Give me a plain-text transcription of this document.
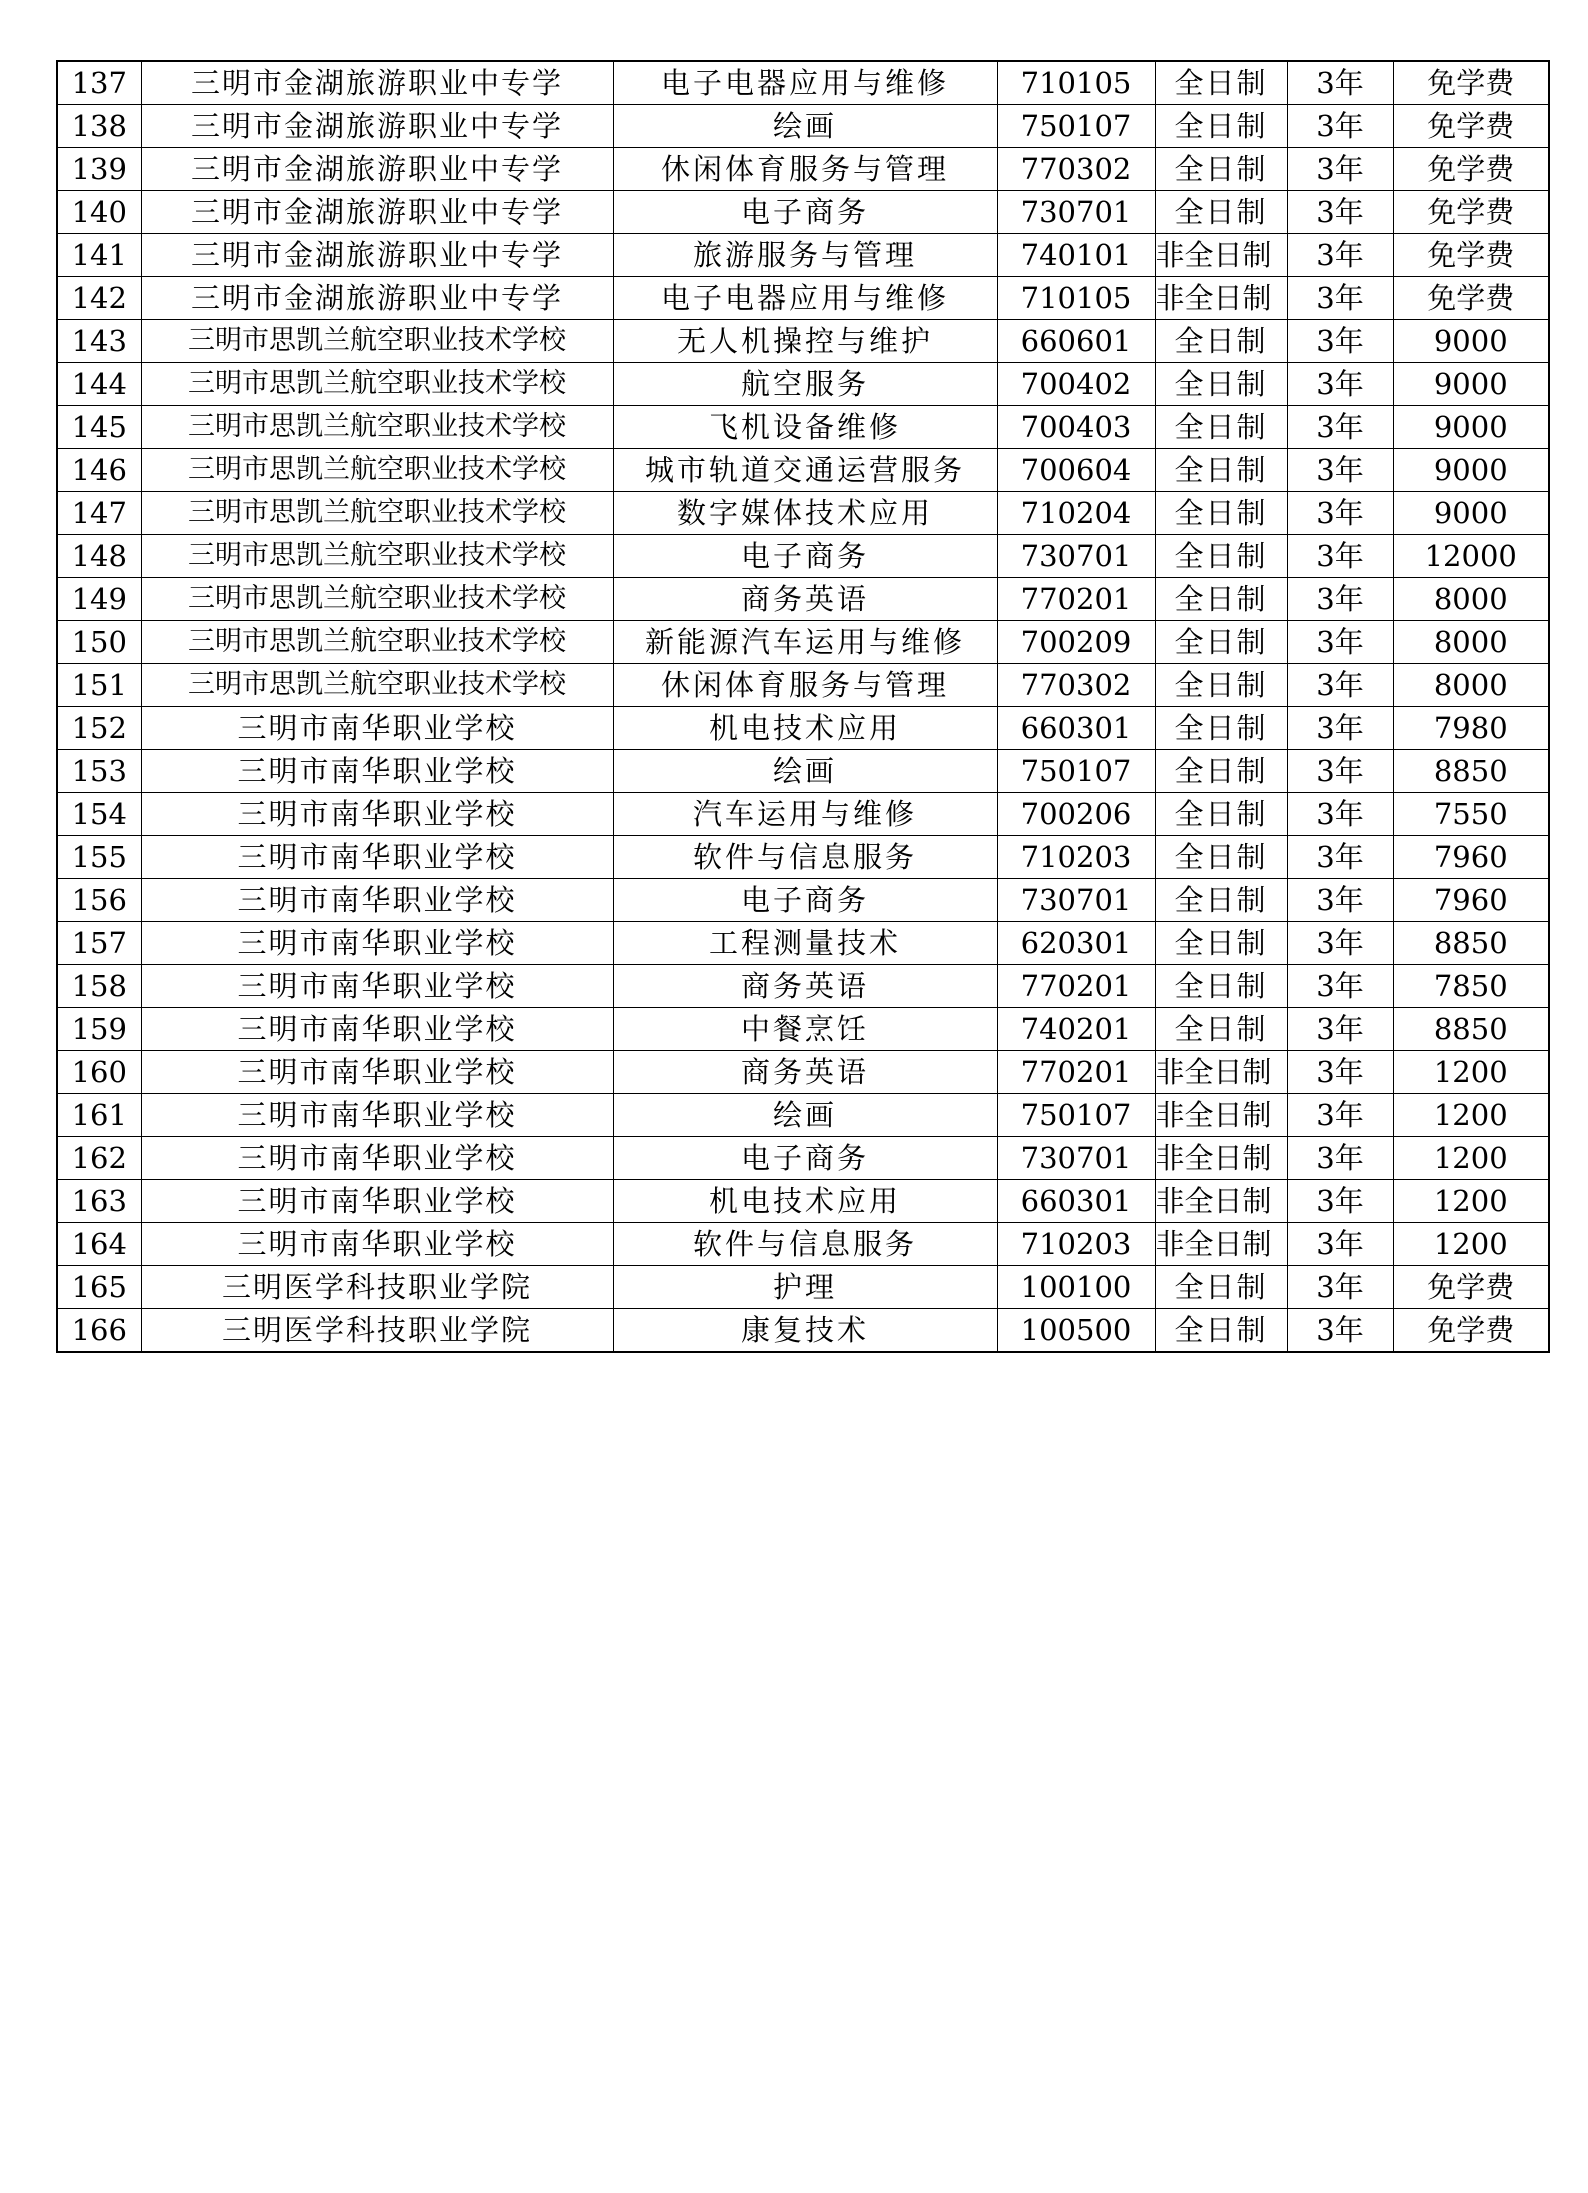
137	三明市金湖旅游职业中专学	电子电器应用与维修	710105	全日制	3年	免学费
138	三明市金湖旅游职业中专学	绘画	750107	全日制	3年	免学费
139	三明市金湖旅游职业中专学	休闲体育服务与管理	770302	全日制	3年	免学费
140	三明市金湖旅游职业中专学	电子商务	730701	全日制	3年	免学费
141	三明市金湖旅游职业中专学	旅游服务与管理	740101	非全日制	3年	免学费
142	三明市金湖旅游职业中专学	电子电器应用与维修	710105	非全日制	3年	免学费
143	三明市思凯兰航空职业技术学校	无人机操控与维护	660601	全日制	3年	9000
144	三明市思凯兰航空职业技术学校	航空服务	700402	全日制	3年	9000
145	三明市思凯兰航空职业技术学校	飞机设备维修	700403	全日制	3年	9000
146	三明市思凯兰航空职业技术学校	城市轨道交通运营服务	700604	全日制	3年	9000
147	三明市思凯兰航空职业技术学校	数字媒体技术应用	710204	全日制	3年	9000
148	三明市思凯兰航空职业技术学校	电子商务	730701	全日制	3年	12000
149	三明市思凯兰航空职业技术学校	商务英语	770201	全日制	3年	8000
150	三明市思凯兰航空职业技术学校	新能源汽车运用与维修	700209	全日制	3年	8000
151	三明市思凯兰航空职业技术学校	休闲体育服务与管理	770302	全日制	3年	8000
152	三明市南华职业学校	机电技术应用	660301	全日制	3年	7980
153	三明市南华职业学校	绘画	750107	全日制	3年	8850
154	三明市南华职业学校	汽车运用与维修	700206	全日制	3年	7550
155	三明市南华职业学校	软件与信息服务	710203	全日制	3年	7960
156	三明市南华职业学校	电子商务	730701	全日制	3年	7960
157	三明市南华职业学校	工程测量技术	620301	全日制	3年	8850
158	三明市南华职业学校	商务英语	770201	全日制	3年	7850
159	三明市南华职业学校	中餐烹饪	740201	全日制	3年	8850
160	三明市南华职业学校	商务英语	770201	非全日制	3年	1200
161	三明市南华职业学校	绘画	750107	非全日制	3年	1200
162	三明市南华职业学校	电子商务	730701	非全日制	3年	1200
163	三明市南华职业学校	机电技术应用	660301	非全日制	3年	1200
164	三明市南华职业学校	软件与信息服务	710203	非全日制	3年	1200
165	三明医学科技职业学院	护理	100100	全日制	3年	免学费
166	三明医学科技职业学院	康复技术	100500	全日制	3年	免学费
